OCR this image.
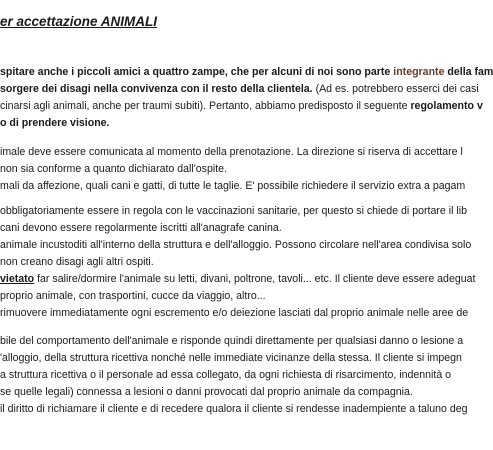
er accettazione ANIMALI
spitare anche i piccoli amici a quattro zampe, che per alcuni di noi sono parte integrante della fam
sorgere dei disagi nella convivenza con il resto della clientela. (Ad es. potrebbero esserci dei casi
cinarsi agli animali, anche per traumi subiti). Pertanto, abbiamo predisposto il seguente regolamento v
o di prendere visione.
imale deve essere comunicata al momento della prenotazione. La direzione si riserva di accettare l
non sia conforme a quanto dichiarato dall'ospite.
mali da affezione, quali cani e gatti, di tutte le taglie. E' possibile richiedere il servizio extra a pagam
obbligatoriamente essere in regola con le vaccinazioni sanitarie, per questo si chiede di portare il lib
cani devono essere regolarmente iscritti all'anagrafe canina.
animale incustoditi all'interno della struttura e dell'alloggio. Possono circolare nell'area condivisa solo
non creano disagi agli altri ospiti.
vietato far salire/dormire l'animale su letti, divani, poltrone, tavoli... etc. Il cliente deve essere adeguat
proprio animale, con trasportini, cucce da viaggio, altro...
rimuovere immediatamente ogni escremento e/o deiezione lasciati dal proprio animale nelle aree de
bile del comportamento dell'animale e risponde quindi direttamente per qualsiasi danno o lesione a
'alloggio, della struttura ricettiva nonché nelle immediate vicinanze della stessa. Il cliente si impegn
a struttura ricettiva o il personale ad essa collegato, da ogni richiesta di risarcimento, indennità o
se quelle legali) connessa a lesioni o danni provocati dal proprio animale da compagnia.
il diritto di richiamare il cliente e di recedere qualora il cliente si rendesse inadempiente a taluno deg
